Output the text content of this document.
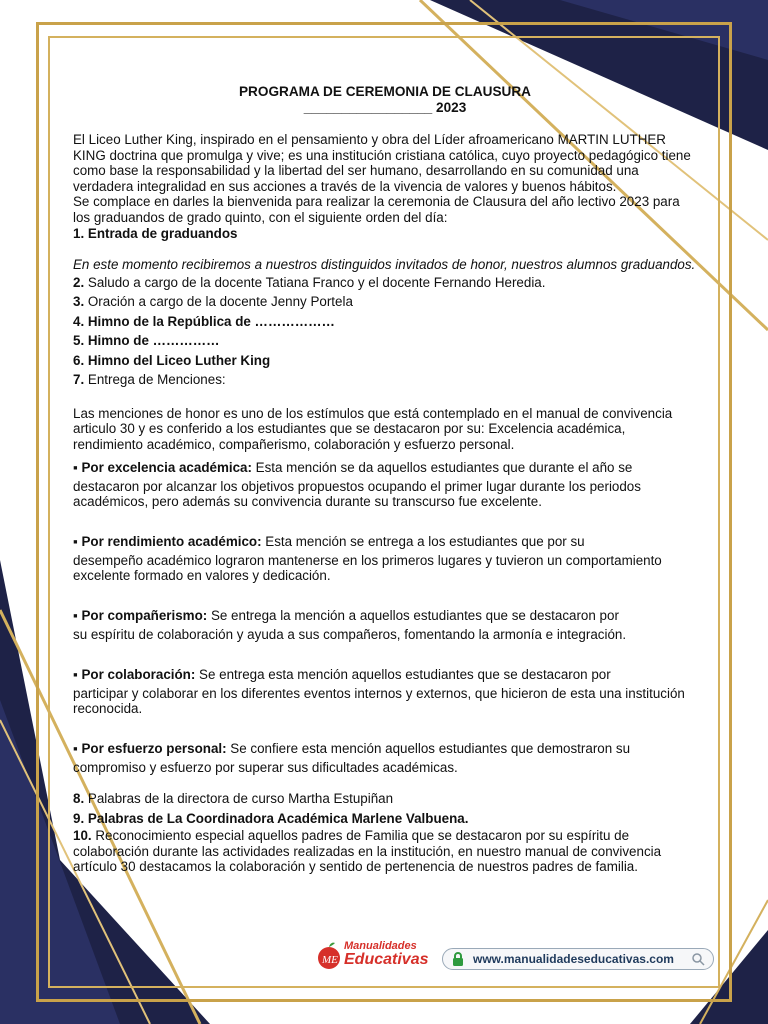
PROGRAMA DE CEREMONIA DE CLAUSURA
_________________ 2023

El Liceo Luther King, inspirado en el pensamiento y obra del Líder afroamericano MARTIN LUTHER KING doctrina que promulga y vive; es una institución cristiana católica, cuyo proyecto pedagógico tiene como base la responsabilidad y la libertad del ser humano, desarrollando en su comunidad una verdadera integralidad en sus acciones a través de la vivencia de valores y buenos hábitos.

Se complace en darles la bienvenida para realizar la ceremonia de Clausura del año lectivo 2023 para los graduandos de grado quinto, con el siguiente orden del día:

1. Entrada de graduandos

En este momento recibiremos a nuestros distinguidos invitados de honor, nuestros alumnos graduandos.

2. Saludo a cargo de la docente Tatiana Franco y el docente Fernando Heredia.

3. Oración a cargo de la docente Jenny Portela

4. Himno de la República de ………………

5. Himno de ……………

6. Himno del Liceo Luther King

7. Entrega de Menciones:

Las menciones de honor es uno de los estímulos que está contemplado en el manual de convivencia articulo 30 y es conferido a los estudiantes que se destacaron por su: Excelencia académica, rendimiento académico, compañerismo, colaboración y esfuerzo personal.

▪ Por excelencia académica: Esta mención se da aquellos estudiantes que durante el año se
destacaron por alcanzar los objetivos propuestos ocupando el primer lugar durante los periodos académicos, pero además su convivencia durante su transcurso fue excelente.
▪ Por rendimiento académico: Esta mención se entrega a los estudiantes que por su
desempeño académico lograron mantenerse en los primeros lugares y tuvieron un comportamiento excelente formado en valores y dedicación.
▪ Por compañerismo: Se entrega la mención a aquellos estudiantes que se destacaron por
su espíritu de colaboración y ayuda a sus compañeros, fomentando la armonía e integración.
▪ Por colaboración: Se entrega esta mención aquellos estudiantes que se destacaron por
participar y colaborar en los diferentes eventos internos y externos, que hicieron de esta una institución reconocida.
▪ Por esfuerzo personal: Se confiere esta mención aquellos estudiantes que demostraron su
compromiso y esfuerzo por superar sus dificultades académicas.

8. Palabras de la directora de curso Martha Estupiñan

9. Palabras de La Coordinadora Académica Marlene Valbuena.

10. Reconocimiento especial aquellos padres de Familia que se destacaron por su espíritu de colaboración durante las actividades realizadas en la institución, en nuestro manual de convivencia artículo 30 destacamos la colaboración y sentido de pertenencia de nuestros padres de familia.

ME
Manualidades
Educativas	www.manualidadeseducativas.com
